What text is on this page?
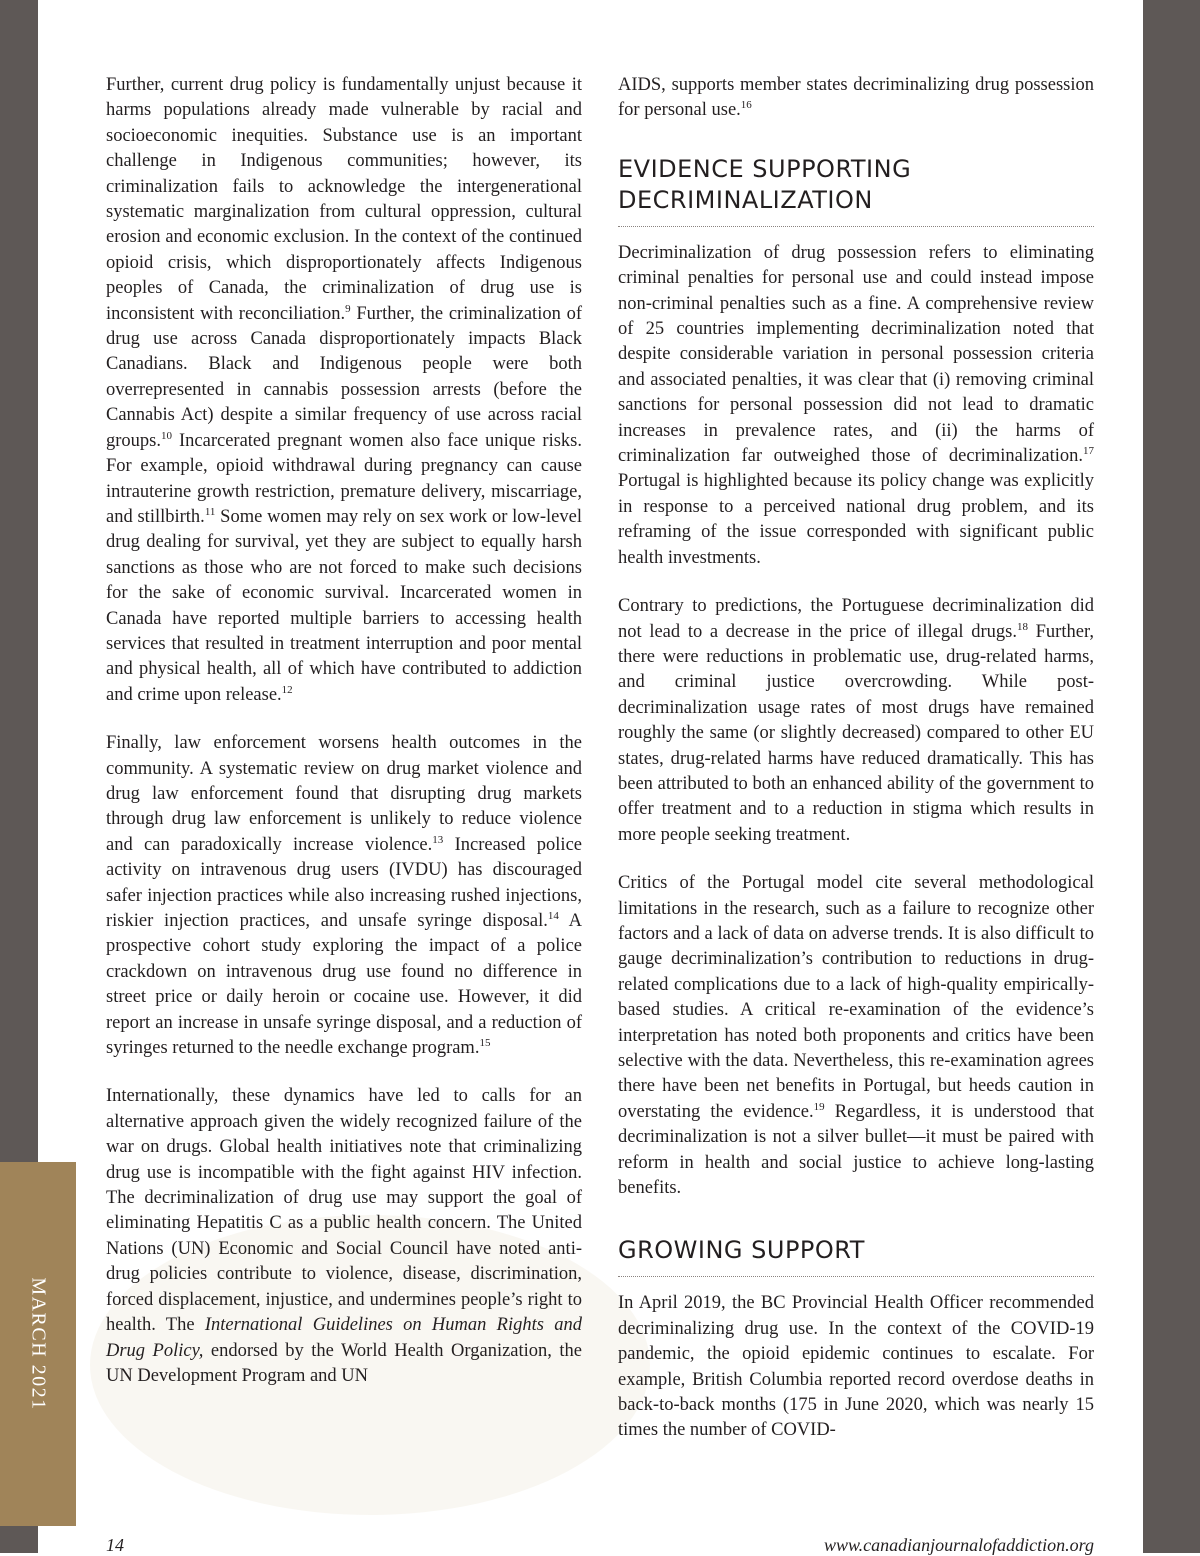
MARCH 2021

Further, current drug policy is fundamentally unjust because it harms populations already made vulnerable by racial and socioeconomic inequities. Substance use is an important challenge in Indigenous communities; however, its criminalization fails to acknowledge the intergenerational systematic marginalization from cultural oppression, cultural erosion and economic exclusion. In the context of the continued opioid crisis, which disproportionately affects Indigenous peoples of Canada, the criminalization of drug use is inconsistent with reconciliation.$^9$ Further, the criminalization of drug use across Canada disproportionately impacts Black Canadians. Black and Indigenous people were both overrepresented in cannabis possession arrests (before the Cannabis Act) despite a similar frequency of use across racial groups.$^{10}$ Incarcerated pregnant women also face unique risks. For example, opioid withdrawal during pregnancy can cause intrauterine growth restriction, premature delivery, miscarriage, and stillbirth.$^{11}$ Some women may rely on sex work or low-level drug dealing for survival, yet they are subject to equally harsh sanctions as those who are not forced to make such decisions for the sake of economic survival. Incarcerated women in Canada have reported multiple barriers to accessing health services that resulted in treatment interruption and poor mental and physical health, all of which have contributed to addiction and crime upon release.$^{12}$

Finally, law enforcement worsens health outcomes in the community. A systematic review on drug market violence and drug law enforcement found that disrupting drug markets through drug law enforcement is unlikely to reduce violence and can paradoxically increase violence.$^{13}$ Increased police activity on intravenous drug users (IVDU) has discouraged safer injection practices while also increasing rushed injections, riskier injection practices, and unsafe syringe disposal.$^{14}$ A prospective cohort study exploring the impact of a police crackdown on intravenous drug use found no difference in street price or daily heroin or cocaine use. However, it did report an increase in unsafe syringe disposal, and a reduction of syringes returned to the needle exchange program.$^{15}$

Internationally, these dynamics have led to calls for an alternative approach given the widely recognized failure of the war on drugs. Global health initiatives note that criminalizing drug use is incompatible with the fight against HIV infection. The decriminalization of drug use may support the goal of eliminating Hepatitis C as a public health concern. The United Nations (UN) Economic and Social Council have noted anti-drug policies contribute to violence, disease, discrimination, forced displacement, injustice, and undermines people’s right to health. The International Guidelines on Human Rights and Drug Policy, endorsed by the World Health Organization, the UN Development Program and UN

AIDS, supports member states decriminalizing drug possession for personal use.$^{16}$

EVIDENCE SUPPORTING DECRIMINALIZATION

Decriminalization of drug possession refers to eliminating criminal penalties for personal use and could instead impose non-criminal penalties such as a fine. A comprehensive review of 25 countries implementing decriminalization noted that despite considerable variation in personal possession criteria and associated penalties, it was clear that (i) removing criminal sanctions for personal possession did not lead to dramatic increases in prevalence rates, and (ii) the harms of criminalization far outweighed those of decriminalization.$^{17}$ Portugal is highlighted because its policy change was explicitly in response to a perceived national drug problem, and its reframing of the issue corresponded with significant public health investments.

Contrary to predictions, the Portuguese decriminalization did not lead to a decrease in the price of illegal drugs.$^{18}$ Further, there were reductions in problematic use, drug-related harms, and criminal justice overcrowding. While post-decriminalization usage rates of most drugs have remained roughly the same (or slightly decreased) compared to other EU states, drug-related harms have reduced dramatically. This has been attributed to both an enhanced ability of the government to offer treatment and to a reduction in stigma which results in more people seeking treatment.

Critics of the Portugal model cite several methodological limitations in the research, such as a failure to recognize other factors and a lack of data on adverse trends. It is also difficult to gauge decriminalization’s contribution to reductions in drug-related complications due to a lack of high-quality empirically-based studies. A critical re-examination of the evidence’s interpretation has noted both proponents and critics have been selective with the data. Nevertheless, this re-examination agrees there have been net benefits in Portugal, but heeds caution in overstating the evidence.$^{19}$ Regardless, it is understood that decriminalization is not a silver bullet—it must be paired with reform in health and social justice to achieve long-lasting benefits.

GROWING SUPPORT

In April 2019, the BC Provincial Health Officer recommended decriminalizing drug use. In the context of the COVID-19 pandemic, the opioid epidemic continues to escalate. For example, British Columbia reported record overdose deaths in back-to-back months (175 in June 2020, which was nearly 15 times the number of COVID-

14	www.canadianjournalofaddiction.org
